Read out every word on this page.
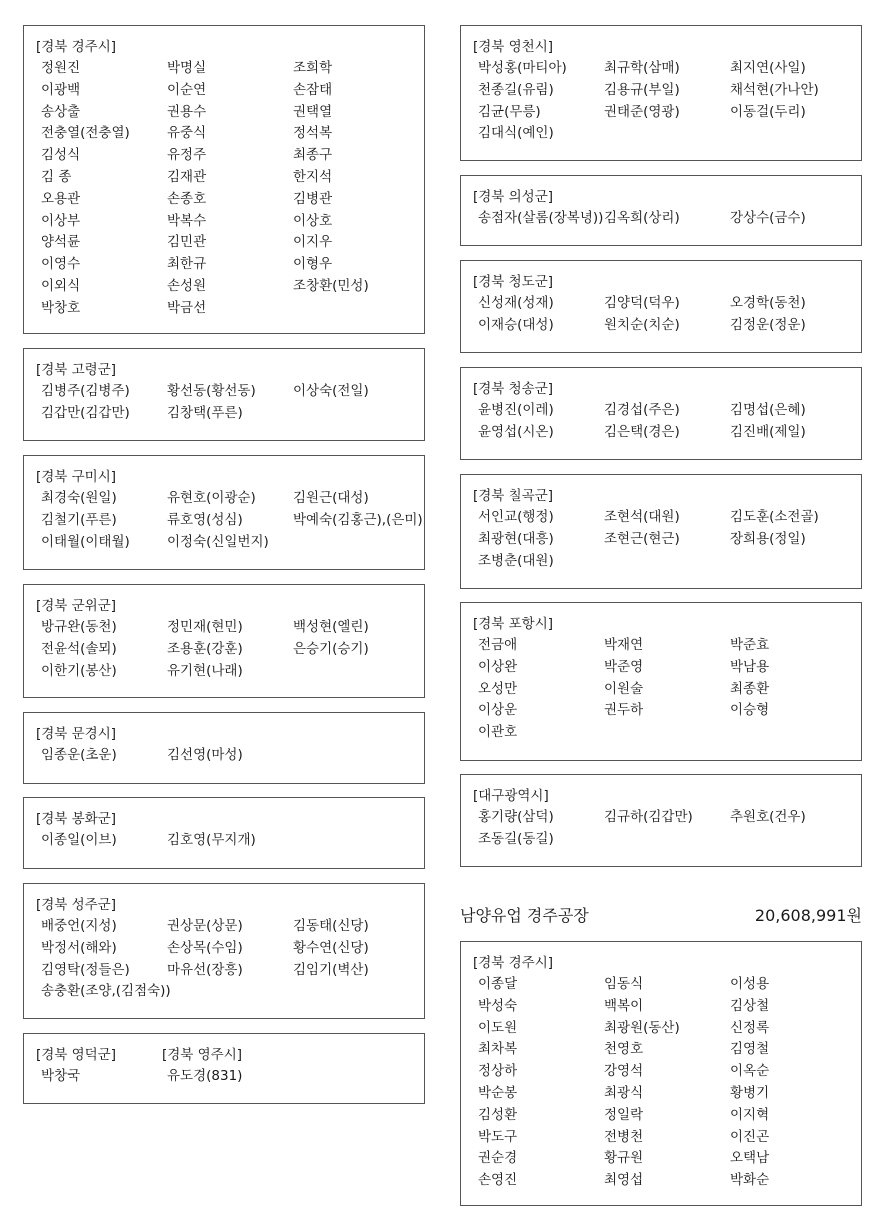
[경북 경주시]
정원진	박명실	조희학
이광백	이순연	손잠태
송상출	권용수	권택열
전충열(전충열)	유중식	정석복
김성식	유정주	최종구
김 종	김재관	한지석
오용관	손종호	김병관
이상부	박복수	이상호
양석륜	김민관	이지우
이영수	최한규	이형우
이외식	손성원	조창환(민성)
박창호	박금선
[경북 고령군]
김병주(김병주)	황선동(황선동)	이상숙(전일)
김갑만(김갑만)	김창택(푸른)
[경북 구미시]
최경숙(원일)	유현호(이광순)	김원근(대성)
김철기(푸른)	류호영(성심)	박예숙(김홍근),(은미)
이태월(이태월)	이정숙(신일번지)
[경북 군위군]
방규완(동천)	정민재(현민)	백성현(엘린)
전윤석(솔뫼)	조용훈(강훈)	은승기(승기)
이한기(봉산)	유기현(나래)
[경북 문경시]
임종운(초운)	김선영(마성)
[경북 봉화군]
이종일(이브)	김호영(무지개)
[경북 성주군]
배중언(지성)	권상문(상문)	김동태(신당)
박정서(해와)	손상목(수임)	황수연(신당)
김영탁(정들은)	마유선(장흥)	김임기(벽산)
송충환(조양,(김점숙))
[경북 영덕군]	[경북 영주시]
박창국	유도경(831)
[경북 영천시]
박성홍(마티아)	최규학(삼매)	최지연(사일)
천종길(유림)	김용규(부일)	채석현(가나안)
김균(무릉)	권태준(영광)	이동걸(두리)
김대식(예인)
[경북 의성군]
송점자(살롬(장복녕)) 김옥희(상리)	강상수(금수)
[경북 청도군]
신성재(성재)	김양덕(덕우)	오경학(동천)
이재승(대성)	원치순(치순)	김정운(정운)
[경북 청송군]
윤병진(이레)	김경섭(주은)	김명섭(은혜)
윤영섭(시온)	김은택(경은)	김진배(제일)
[경북 칠곡군]
서인교(행정)	조현석(대원)	김도훈(소전골)
최광현(대흥)	조현근(현근)	장희용(정일)
조병춘(대원)
[경북 포항시]
전금애	박재연	박준효
이상완	박준영	박남용
오성만	이원술	최종환
이상운	권두하	이승형
이관호
[대구광역시]
홍기량(삼덕)	김규하(김갑만)	추원호(건우)
조동길(동길)
남양유업 경주공장	20,608,991원
[경북 경주시]
이종달	임동식	이성용
박성숙	백복이	김상철
이도원	최광원(동산)	신정록
최차복	천영호	김영철
정상하	강영석	이옥순
박순봉	최광식	황병기
김성환	정일락	이지혁
박도구	전병천	이진곤
권순경	황규원	오택남
손영진	최영섭	박화순
